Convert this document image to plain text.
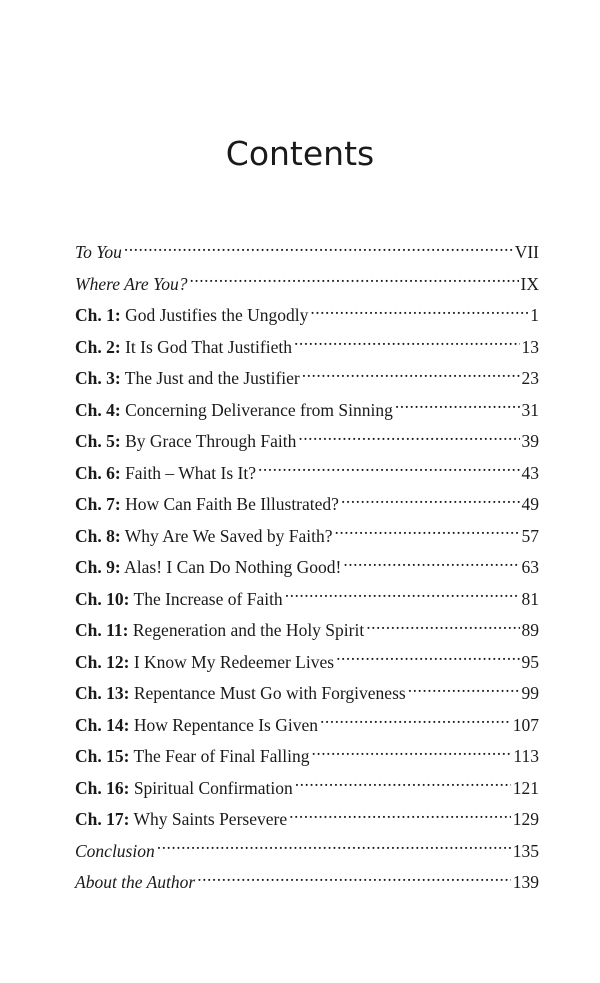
Contents
To You .....	VII
Where Are You? .....	IX
Ch. 1: God Justifies the Ungodly .....	1
Ch. 2: It Is God That Justifieth .....	13
Ch. 3: The Just and the Justifier .....	23
Ch. 4: Concerning Deliverance from Sinning .....	31
Ch. 5: By Grace Through Faith .....	39
Ch. 6: Faith – What Is It? .....	43
Ch. 7: How Can Faith Be Illustrated? .....	49
Ch. 8: Why Are We Saved by Faith? .....	57
Ch. 9: Alas! I Can Do Nothing Good! .....	63
Ch. 10: The Increase of Faith .....	81
Ch. 11: Regeneration and the Holy Spirit .....	89
Ch. 12: I Know My Redeemer Lives .....	95
Ch. 13: Repentance Must Go with Forgiveness .....	99
Ch. 14: How Repentance Is Given .....	107
Ch. 15: The Fear of Final Falling .....	113
Ch. 16: Spiritual Confirmation .....	121
Ch. 17: Why Saints Persevere .....	129
Conclusion .....	135
About the Author .....	139
